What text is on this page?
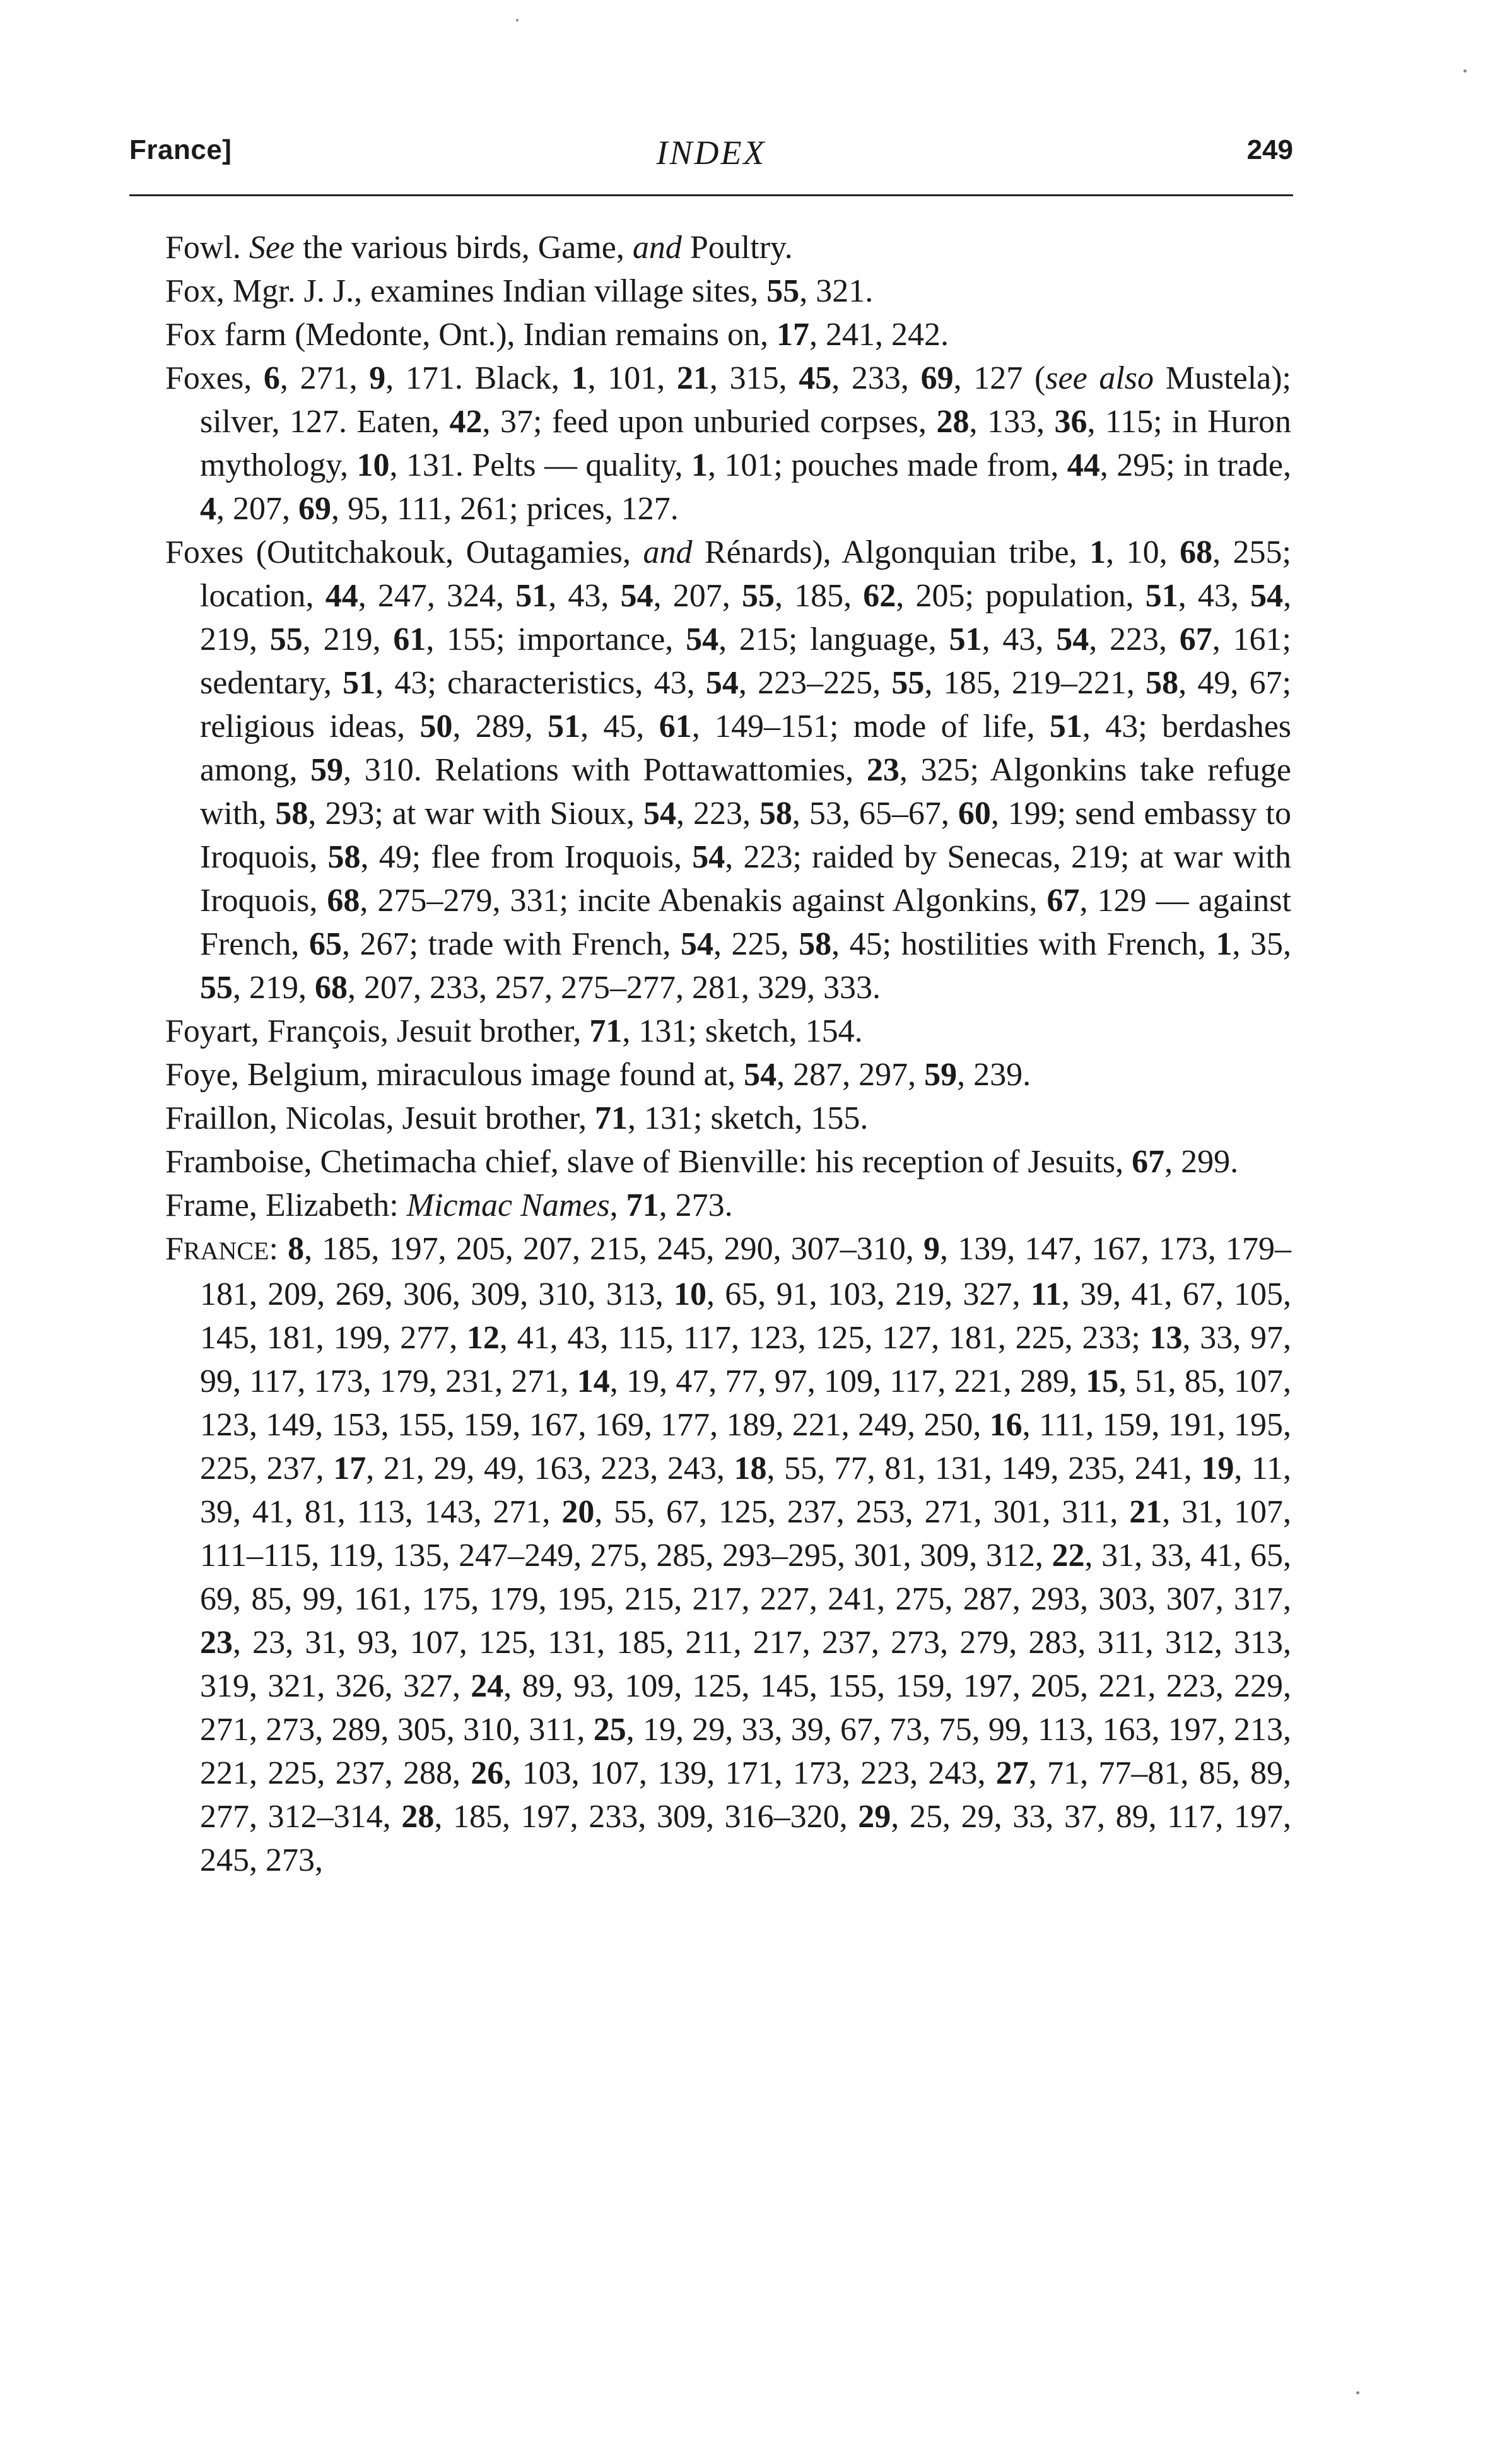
France]	INDEX	249

Fowl. See the various birds, Game, and Poultry.

Fox, Mgr. J. J., examines Indian village sites, 55, 321.

Fox farm (Medonte, Ont.), Indian remains on, 17, 241, 242.

Foxes, 6, 271, 9, 171. Black, 1, 101, 21, 315, 45, 233, 69, 127 (see also Mustela); silver, 127. Eaten, 42, 37; feed upon unburied corpses, 28, 133, 36, 115; in Huron mythology, 10, 131. Pelts — quality, 1, 101; pouches made from, 44, 295; in trade, 4, 207, 69, 95, 111, 261; prices, 127.

Foxes (Outitchakouk, Outagamies, and Rénards), Algonquian tribe, 1, 10, 68, 255; location, 44, 247, 324, 51, 43, 54, 207, 55, 185, 62, 205; population, 51, 43, 54, 219, 55, 219, 61, 155; importance, 54, 215; language, 51, 43, 54, 223, 67, 161; sedentary, 51, 43; characteristics, 43, 54, 223–225, 55, 185, 219–221, 58, 49, 67; religious ideas, 50, 289, 51, 45, 61, 149–151; mode of life, 51, 43; berdashes among, 59, 310. Relations with Pottawattomies, 23, 325; Algonkins take refuge with, 58, 293; at war with Sioux, 54, 223, 58, 53, 65–67, 60, 199; send embassy to Iroquois, 58, 49; flee from Iroquois, 54, 223; raided by Senecas, 219; at war with Iroquois, 68, 275–279, 331; incite Abenakis against Algonkins, 67, 129 — against French, 65, 267; trade with French, 54, 225, 58, 45; hostilities with French, 1, 35, 55, 219, 68, 207, 233, 257, 275–277, 281, 329, 333.

Foyart, François, Jesuit brother, 71, 131; sketch, 154.

Foye, Belgium, miraculous image found at, 54, 287, 297, 59, 239.

Fraillon, Nicolas, Jesuit brother, 71, 131; sketch, 155.

Framboise, Chetimacha chief, slave of Bienville: his reception of Jesuits, 67, 299.

Frame, Elizabeth: Micmac Names, 71, 273.

FRANCE: 8, 185, 197, 205, 207, 215, 245, 290, 307–310, 9, 139, 147, 167, 173, 179–181, 209, 269, 306, 309, 310, 313, 10, 65, 91, 103, 219, 327, 11, 39, 41, 67, 105, 145, 181, 199, 277, 12, 41, 43, 115, 117, 123, 125, 127, 181, 225, 233; 13, 33, 97, 99, 117, 173, 179, 231, 271, 14, 19, 47, 77, 97, 109, 117, 221, 289, 15, 51, 85, 107, 123, 149, 153, 155, 159, 167, 169, 177, 189, 221, 249, 250, 16, 111, 159, 191, 195, 225, 237, 17, 21, 29, 49, 163, 223, 243, 18, 55, 77, 81, 131, 149, 235, 241, 19, 11, 39, 41, 81, 113, 143, 271, 20, 55, 67, 125, 237, 253, 271, 301, 311, 21, 31, 107, 111–115, 119, 135, 247–249, 275, 285, 293–295, 301, 309, 312, 22, 31, 33, 41, 65, 69, 85, 99, 161, 175, 179, 195, 215, 217, 227, 241, 275, 287, 293, 303, 307, 317, 23, 23, 31, 93, 107, 125, 131, 185, 211, 217, 237, 273, 279, 283, 311, 312, 313, 319, 321, 326, 327, 24, 89, 93, 109, 125, 145, 155, 159, 197, 205, 221, 223, 229, 271, 273, 289, 305, 310, 311, 25, 19, 29, 33, 39, 67, 73, 75, 99, 113, 163, 197, 213, 221, 225, 237, 288, 26, 103, 107, 139, 171, 173, 223, 243, 27, 71, 77–81, 85, 89, 277, 312–314, 28, 185, 197, 233, 309, 316–320, 29, 25, 29, 33, 37, 89, 117, 197, 245, 273,
